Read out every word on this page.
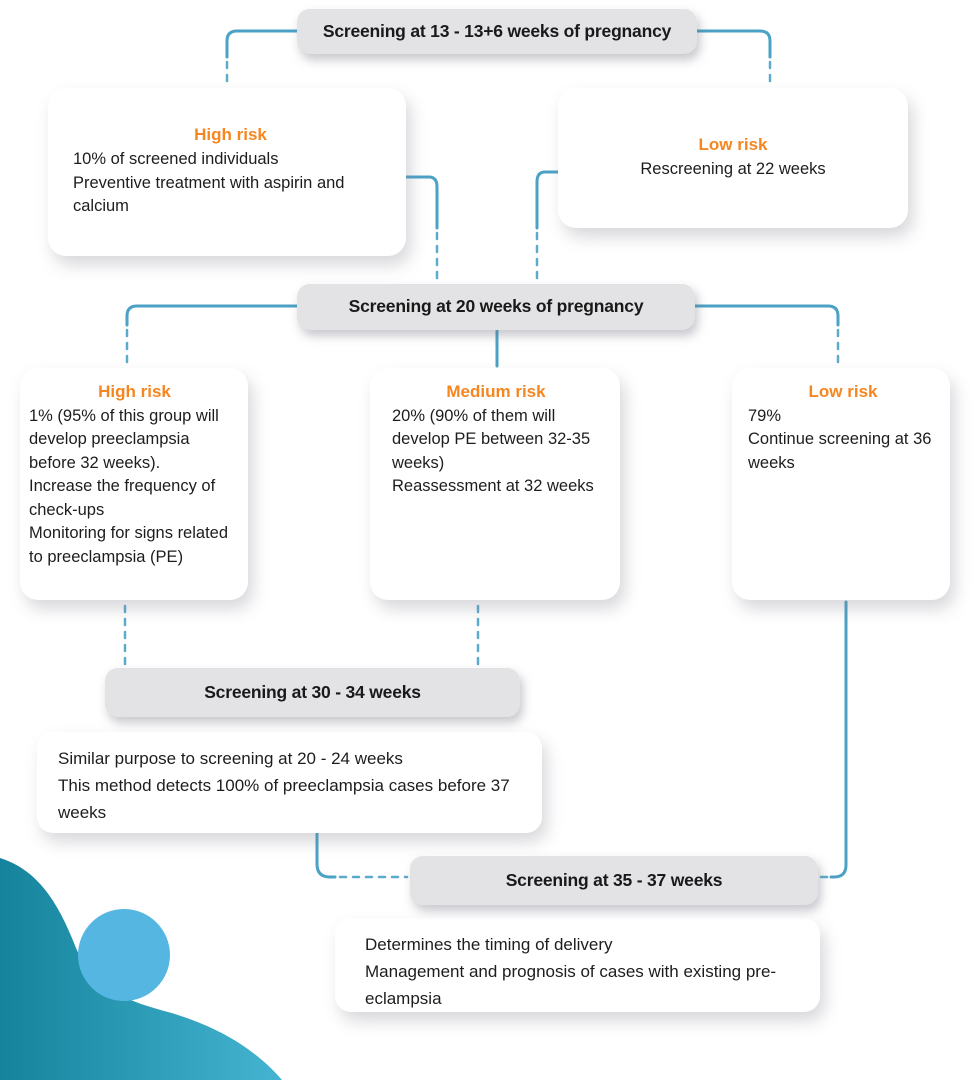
Screening at 13 - 13+6 weeks of pregnancy
Screening at 20 weeks of pregnancy
Screening at 30 - 34 weeks
Screening at 35 - 37 weeks
High risk
10% of screened individuals
Preventive treatment with aspirin and calcium
Low risk
Rescreening at 22 weeks
High risk
1% (95% of this group will develop preeclampsia before 32 weeks).
Increase the frequency of check-ups
Monitoring for signs related to preeclampsia (PE)
Medium risk
20% (90% of them will develop PE between 32-35 weeks)
Reassessment at 32 weeks
Low risk
79%
Continue screening at 36 weeks
Similar purpose to screening at 20 - 24 weeks
This method detects 100% of preeclampsia cases before 37 weeks
Determines the timing of delivery
Management and prognosis of cases with existing pre-eclampsia
